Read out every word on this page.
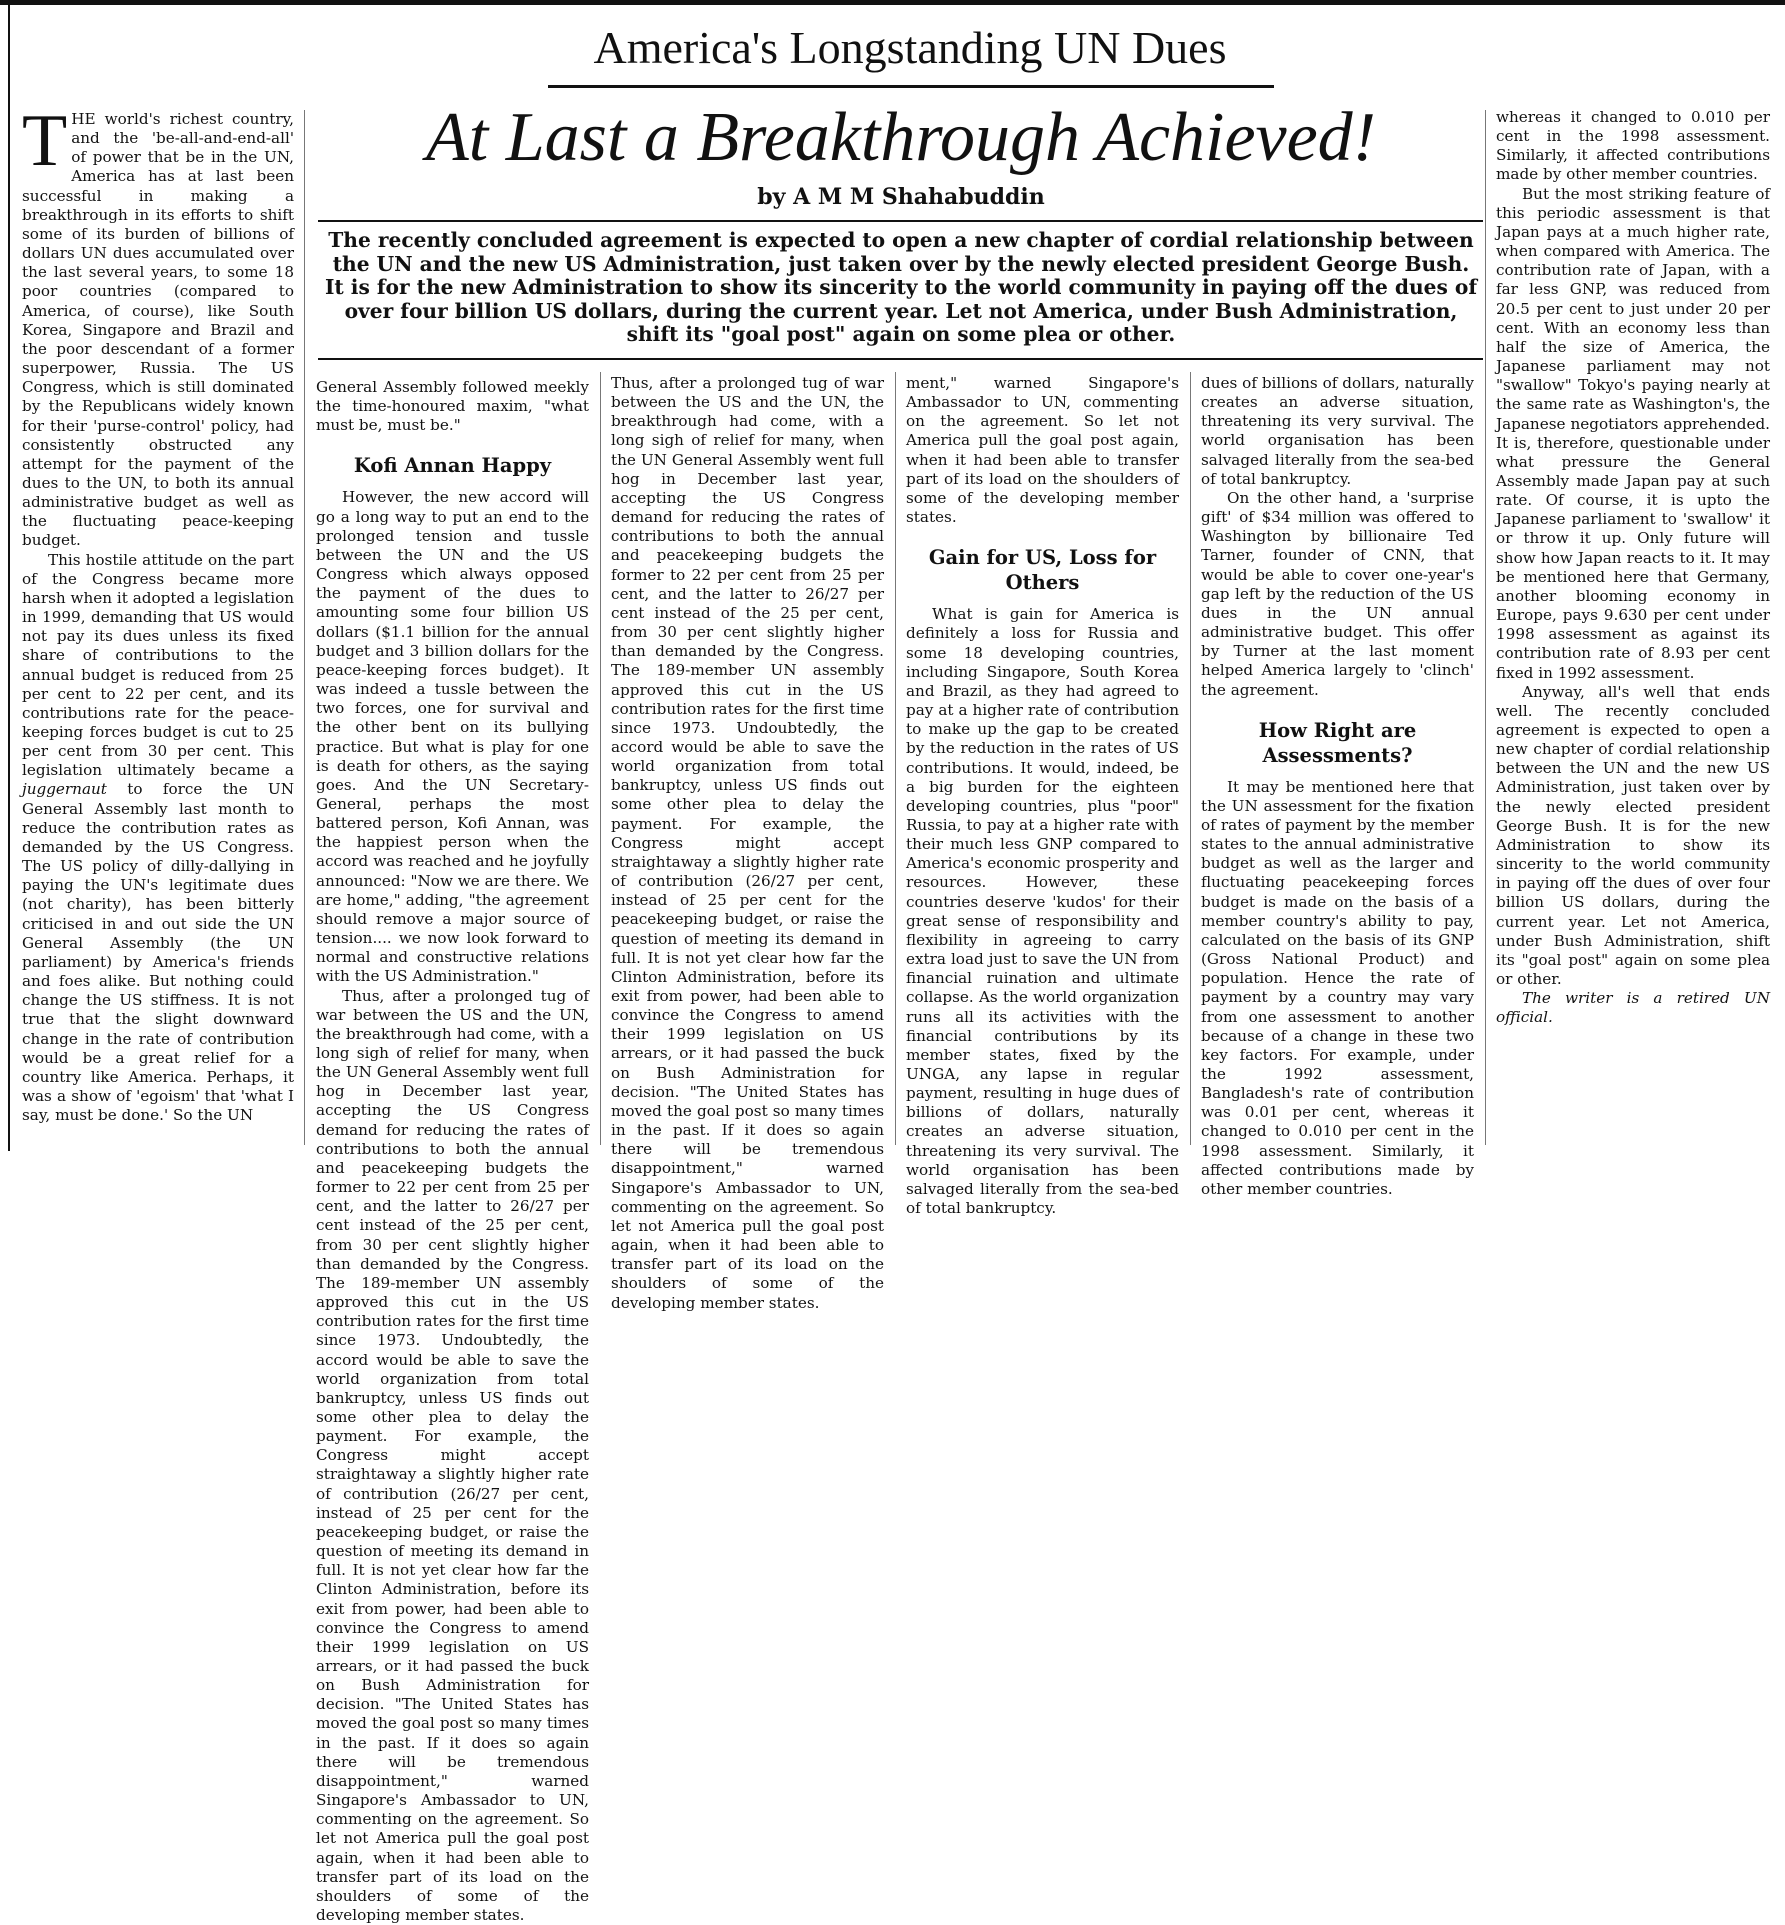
America's Longstanding UN Dues
At Last a Breakthrough Achieved!
by A M M Shahabuddin
The recently concluded agreement is expected to open a new chapter of cordial relationship between the UN and the new US Administration, just taken over by the newly elected president George Bush. It is for the new Administration to show its sincerity to the world community in paying off the dues of over four billion US dollars, during the current year. Let not America, under Bush Administration, shift its "goal post" again on some plea or other.

THE world's richest country, and the 'be-all-and-end-all' of power that be in the UN, America has at last been successful in making a breakthrough in its efforts to shift some of its burden of billions of dollars UN dues accumulated over the last several years, to some 18 poor countries (compared to America, of course), like South Korea, Singapore and Brazil and the poor descendant of a former superpower, Russia. The US Congress, which is still dominated by the Republicans widely known for their 'purse-control' policy, had consistently obstructed any attempt for the payment of the dues to the UN, to both its annual administrative budget as well as the fluctuating peace-keeping budget.

This hostile attitude on the part of the Congress became more harsh when it adopted a legislation in 1999, demanding that US would not pay its dues unless its fixed share of contributions to the annual budget is reduced from 25 per cent to 22 per cent, and its contributions rate for the peace-keeping forces budget is cut to 25 per cent from 30 per cent. This legislation ultimately became a juggernaut to force the UN General Assembly last month to reduce the contribution rates as demanded by the US Congress. The US policy of dilly-dallying in paying the UN's legitimate dues (not charity), has been bitterly criticised in and out side the UN General Assembly (the UN parliament) by America's friends and foes alike. But nothing could change the US stiffness. It is not true that the slight downward change in the rate of contribution would be a great relief for a country like America. Perhaps, it was a show of 'egoism' that 'what I say, must be done.' So the UN

General Assembly followed meekly the time-honoured maxim, "what must be, must be."

Kofi Annan Happy

However, the new accord will go a long way to put an end to the prolonged tension and tussle between the UN and the US Congress which always opposed the payment of the dues to amounting some four billion US dollars ($1.1 billion for the annual budget and 3 billion dollars for the peace-keeping forces budget). It was indeed a tussle between the two forces, one for survival and the other bent on its bullying practice. But what is play for one is death for others, as the saying goes. And the UN Secretary-General, perhaps the most battered person, Kofi Annan, was the happiest person when the accord was reached and he joyfully announced: "Now we are there. We are home," adding, "the agreement should remove a major source of tension.... we now look forward to normal and constructive relations with the US Administration."

Thus, after a prolonged tug of war between the US and the UN, the breakthrough had come, with a long sigh of relief for many, when the UN General Assembly went full hog in December last year, accepting the US Congress demand for reducing the rates of contributions to both the annual and peacekeeping budgets the former to 22 per cent from 25 per cent, and the latter to 26/27 per cent instead of the 25 per cent, from 30 per cent slightly higher than demanded by the Congress. The 189-member UN assembly approved this cut in the US contribution rates for the first time since 1973. Undoubtedly, the accord would be able to save the world organization from total bankruptcy, unless US finds out some other plea to delay the payment. For example, the Congress might accept straightaway a slightly higher rate of contribution (26/27 per cent, instead of 25 per cent for the peacekeeping budget, or raise the question of meeting its demand in full. It is not yet clear how far the Clinton Administration, before its exit from power, had been able to convince the Congress to amend their 1999 legislation on US arrears, or it had passed the buck on Bush Administration for decision. "The United States has moved the goal post so many times in the past. If it does so again there will be tremendous disappointment," warned Singapore's Ambassador to UN, commenting on the agreement. So let not America pull the goal post again, when it had been able to transfer part of its load on the shoulders of some of the developing member states.

Thus, after a prolonged tug of war between the US and the UN, the breakthrough had come, with a long sigh of relief for many, when the UN General Assembly went full hog in December last year, accepting the US Congress demand for reducing the rates of contributions to both the annual and peacekeeping budgets the former to 22 per cent from 25 per cent, and the latter to 26/27 per cent instead of the 25 per cent, from 30 per cent slightly higher than demanded by the Congress. The 189-member UN assembly approved this cut in the US contribution rates for the first time since 1973. Undoubtedly, the accord would be able to save the world organization from total bankruptcy, unless US finds out some other plea to delay the payment. For example, the Congress might accept straightaway a slightly higher rate of contribution (26/27 per cent, instead of 25 per cent for the peacekeeping budget, or raise the question of meeting its demand in full. It is not yet clear how far the Clinton Administration, before its exit from power, had been able to convince the Congress to amend their 1999 legislation on US arrears, or it had passed the buck on Bush Administration for decision. "The United States has moved the goal post so many times in the past. If it does so again there will be tremendous disappointment," warned Singapore's Ambassador to UN, commenting on the agreement. So let not America pull the goal post again, when it had been able to transfer part of its load on the shoulders of some of the developing member states.

ment," warned Singapore's Ambassador to UN, commenting on the agreement. So let not America pull the goal post again, when it had been able to transfer part of its load on the shoulders of some of the developing member states.

Gain for US, Loss for Others

What is gain for America is definitely a loss for Russia and some 18 developing countries, including Singapore, South Korea and Brazil, as they had agreed to pay at a higher rate of contribution to make up the gap to be created by the reduction in the rates of US contributions. It would, indeed, be a big burden for the eighteen developing countries, plus "poor" Russia, to pay at a higher rate with their much less GNP compared to America's economic prosperity and resources. However, these countries deserve 'kudos' for their great sense of responsibility and flexibility in agreeing to carry extra load just to save the UN from financial ruination and ultimate collapse. As the world organization runs all its activities with the financial contributions by its member states, fixed by the UNGA, any lapse in regular payment, resulting in huge dues of billions of dollars, naturally creates an adverse situation, threatening its very survival. The world organisation has been salvaged literally from the sea-bed of total bankruptcy.

dues of billions of dollars, naturally creates an adverse situation, threatening its very survival. The world organisation has been salvaged literally from the sea-bed of total bankruptcy.

On the other hand, a 'surprise gift' of $34 million was offered to Washington by billionaire Ted Tarner, founder of CNN, that would be able to cover one-year's gap left by the reduction of the US dues in the UN annual administrative budget. This offer by Turner at the last moment helped America largely to 'clinch' the agreement.

How Right are Assessments?

It may be mentioned here that the UN assessment for the fixation of rates of payment by the member states to the annual administrative budget as well as the larger and fluctuating peacekeeping forces budget is made on the basis of a member country's ability to pay, calculated on the basis of its GNP (Gross National Product) and population. Hence the rate of payment by a country may vary from one assessment to another because of a change in these two key factors. For example, under the 1992 assessment, Bangladesh's rate of contribution was 0.01 per cent, whereas it changed to 0.010 per cent in the 1998 assessment. Similarly, it affected contributions made by other member countries.

whereas it changed to 0.010 per cent in the 1998 assessment. Similarly, it affected contributions made by other member countries.

But the most striking feature of this periodic assessment is that Japan pays at a much higher rate, when compared with America. The contribution rate of Japan, with a far less GNP, was reduced from 20.5 per cent to just under 20 per cent. With an economy less than half the size of America, the Japanese parliament may not "swallow" Tokyo's paying nearly at the same rate as Washington's, the Japanese negotiators apprehended. It is, therefore, questionable under what pressure the General Assembly made Japan pay at such rate. Of course, it is upto the Japanese parliament to 'swallow' it or throw it up. Only future will show how Japan reacts to it. It may be mentioned here that Germany, another blooming economy in Europe, pays 9.630 per cent under 1998 assessment as against its contribution rate of 8.93 per cent fixed in 1992 assessment.

Anyway, all's well that ends well. The recently concluded agreement is expected to open a new chapter of cordial relationship between the UN and the new US Administration, just taken over by the newly elected president George Bush. It is for the new Administration to show its sincerity to the world community in paying off the dues of over four billion US dollars, during the current year. Let not America, under Bush Administration, shift its "goal post" again on some plea or other.

The writer is a retired UN official.
